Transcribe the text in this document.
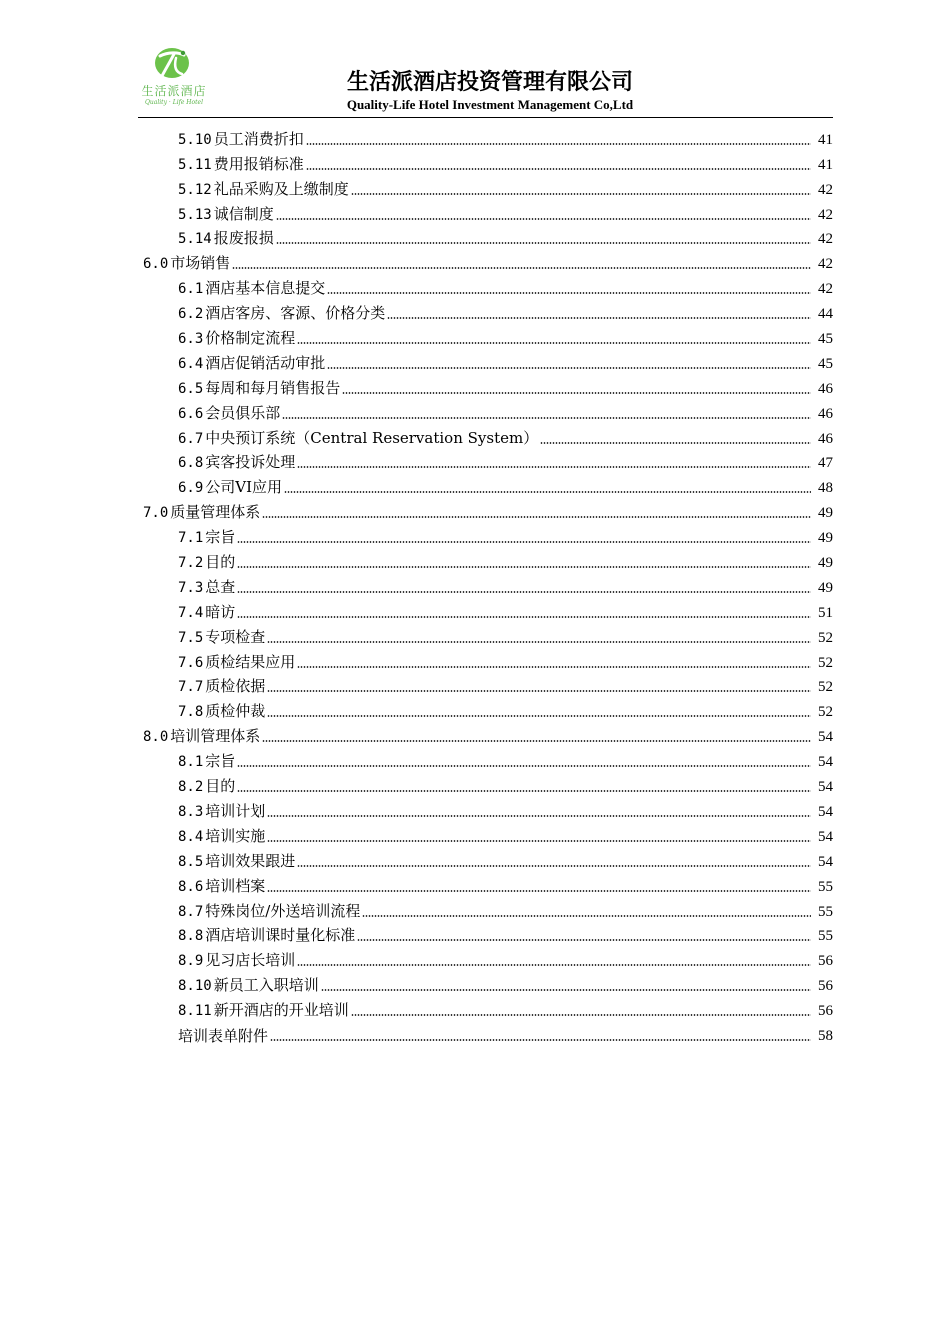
生活派酒店
Quality · Life Hotel
生活派酒店投资管理有限公司
Quality-Life Hotel Investment Management Co,Ltd
5.10 员工消费折扣	41
5.11 费用报销标准	41
5.12 礼品采购及上缴制度	42
5.13 诚信制度	42
5.14 报废报损	42
6.0 市场销售	42
6.1 酒店基本信息提交	42
6.2 酒店客房、客源、价格分类	44
6.3 价格制定流程	45
6.4 酒店促销活动审批	45
6.5 每周和每月销售报告	46
6.6 会员俱乐部	46
6.7 中央预订系统（Central Reservation System）	46
6.8 宾客投诉处理	47
6.9 公司VI应用	48
7.0 质量管理体系	49
7.1 宗旨	49
7.2 目的	49
7.3 总查	49
7.4 暗访	51
7.5 专项检查	52
7.6 质检结果应用	52
7.7 质检依据	52
7.8 质检仲裁	52
8.0 培训管理体系	54
8.1 宗旨	54
8.2 目的	54
8.3 培训计划	54
8.4 培训实施	54
8.5 培训效果跟进	54
8.6 培训档案	55
8.7 特殊岗位/外送培训流程	55
8.8 酒店培训课时量化标准	55
8.9 见习店长培训	56
8.10 新员工入职培训	56
8.11 新开酒店的开业培训	56
培训表单附件	58
